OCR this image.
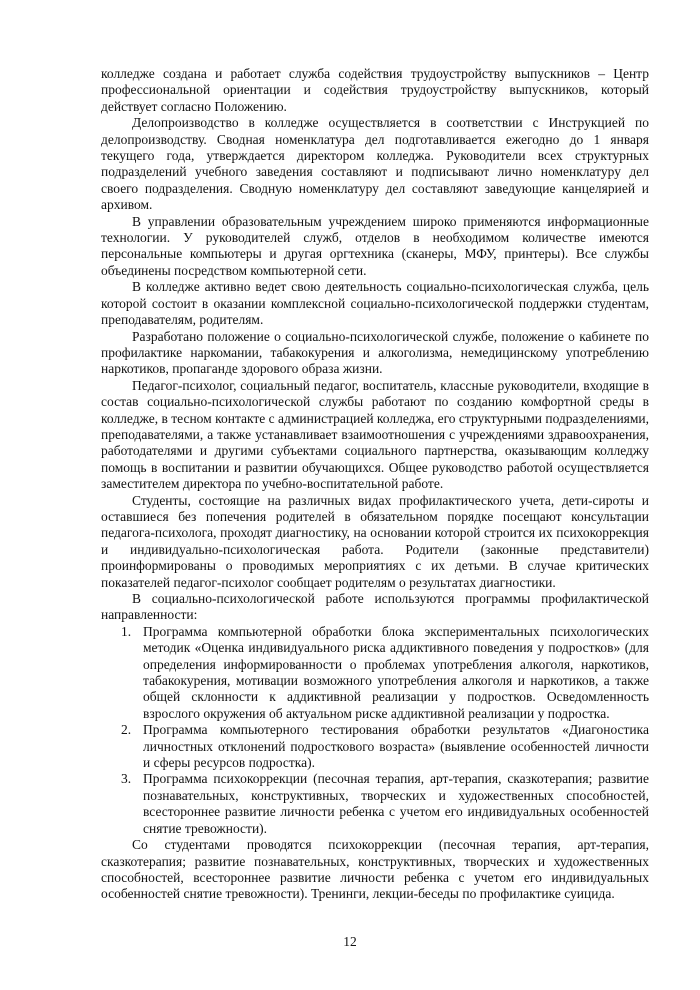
колледже создана и работает служба содействия трудоустройству выпускников – Центр профессиональной ориентации и содействия трудоустройству выпускников, который действует согласно Положению.

Делопроизводство в колледже осуществляется в соответствии с Инструкцией по делопроизводству. Сводная номенклатура дел подготавливается ежегодно до 1 января текущего года, утверждается директором колледжа. Руководители всех структурных подразделений учебного заведения составляют и подписывают лично номенклатуру дел своего подразделения. Сводную номенклатуру дел составляют заведующие канцелярией и архивом.

В управлении образовательным учреждением широко применяются информационные технологии. У руководителей служб, отделов в необходимом количестве имеются персональные компьютеры и другая оргтехника (сканеры, МФУ, принтеры). Все службы объединены посредством компьютерной сети.

В колледже активно ведет свою деятельность социально-психологическая служба, цель которой состоит в оказании комплексной социально-психологической поддержки студентам, преподавателям, родителям.

Разработано положение о социально-психологической службе, положение о кабинете по профилактике наркомании, табакокурения и алкоголизма, немедицинскому употреблению наркотиков, пропаганде здорового образа жизни.

Педагог-психолог, социальный педагог, воспитатель, классные руководители, входящие в состав социально-психологической службы работают по созданию комфортной среды в колледже, в тесном контакте с администрацией колледжа, его структурными подразделениями, преподавателями, а также устанавливает взаимоотношения с учреждениями здравоохранения, работодателями и другими субъектами социального партнерства, оказывающим колледжу помощь в воспитании и развитии обучающихся. Общее руководство работой осуществляется заместителем директора по учебно-воспитательной работе.

Студенты, состоящие на различных видах профилактического учета, дети-сироты и оставшиеся без попечения родителей в обязательном порядке посещают консультации педагога-психолога, проходят диагностику, на основании которой строится их психокоррекция и индивидуально-психологическая работа. Родители (законные представители) проинформированы о проводимых мероприятиях с их детьми. В случае критических показателей педагог-психолог сообщает родителям о результатах диагностики.

В социально-психологической работе используются программы профилактической направленности:

1. Программа компьютерной обработки блока экспериментальных психологических методик «Оценка индивидуального риска аддиктивного поведения у подростков» (для определения информированности о проблемах употребления алкоголя, наркотиков, табакокурения, мотивации возможного употребления алкоголя и наркотиков, а также общей склонности к аддиктивной реализации у подростков. Осведомленность взрослого окружения об актуальном риске аддиктивной реализации у подростка.
2. Программа компьютерного тестирования обработки результатов «Диагоностика личностных отклонений подросткового возраста» (выявление особенностей личности и сферы ресурсов подростка).
3. Программа психокоррекции (песочная терапия, арт-терапия, сказкотерапия; развитие познавательных, конструктивных, творческих и художественных способностей, всестороннее развитие личности ребенка с учетом его индивидуальных особенностей снятие тревожности).

Со студентами проводятся психокоррекции (песочная терапия, арт-терапия, сказкотерапия; развитие познавательных, конструктивных, творческих и художественных способностей, всестороннее развитие личности ребенка с учетом его индивидуальных особенностей снятие тревожности). Тренинги, лекции-беседы по профилактике суицида.

12
